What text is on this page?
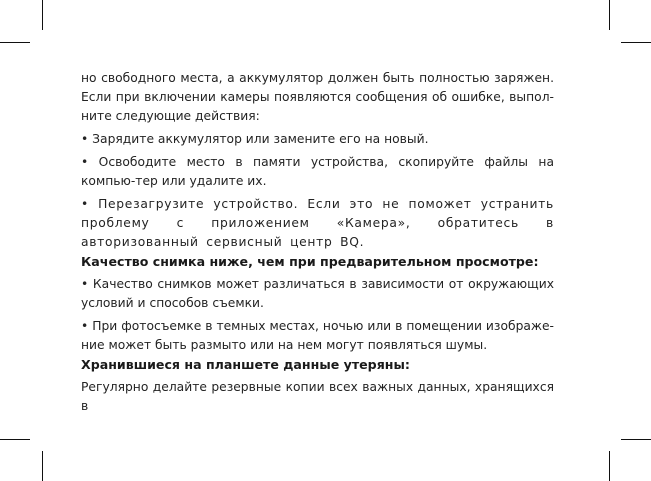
но свободного места, а аккумулятор должен быть полностью заряжен. Если при включении камеры появляются сообщения об ошибке, выпол-ните следующие действия:

• Зарядите аккумулятор или замените его на новый.

• Освободите место в памяти устройства, скопируйте файлы на компью-тер или удалите их.

• Перезагрузите устройство. Если это не поможет устранить проблему с приложением «Камера», обратитесь в авторизованный сервисный центр BQ.

Качество снимка ниже, чем при предварительном просмотре:

• Качество снимков может различаться в зависимости от окружающих условий и способов съемки.

• При фотосъемке в темных местах, ночью или в помещении изображе-ние может быть размыто или на нем могут появляться шумы.

Хранившиеся на планшете данные утеряны:

Регулярно делайте резервные копии всех важных данных, хранящихся в
